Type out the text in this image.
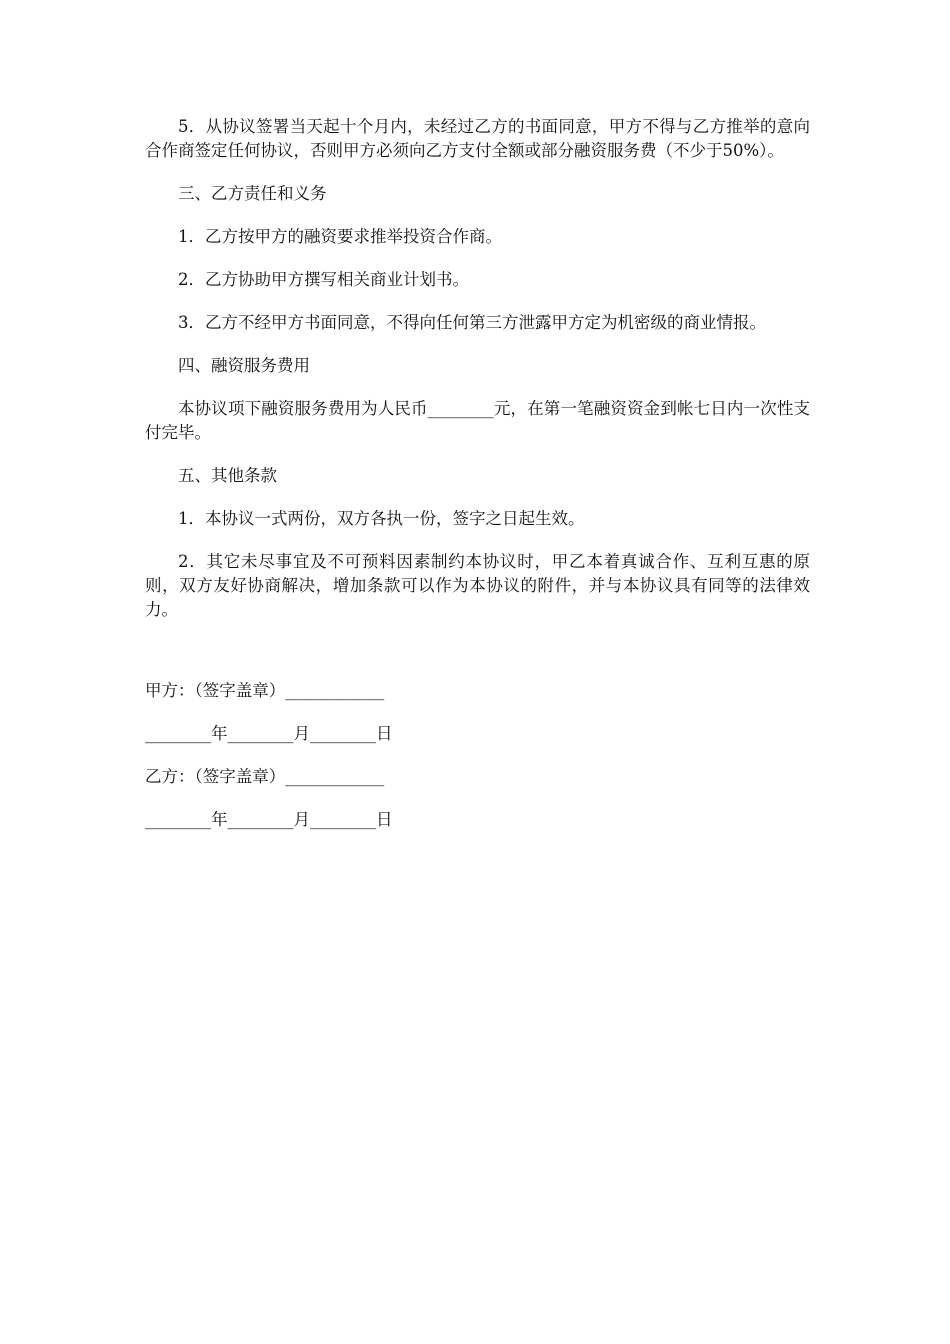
5．从协议签署当天起十个月内，未经过乙方的书面同意，甲方不得与乙方推举的意向合作商签定任何协议，否则甲方必须向乙方支付全额或部分融资服务费（不少于50%）。

三、乙方责任和义务

1．乙方按甲方的融资要求推举投资合作商。

2．乙方协助甲方撰写相关商业计划书。

3．乙方不经甲方书面同意，不得向任何第三方泄露甲方定为机密级的商业情报。

四、融资服务费用

本协议项下融资服务费用为人民币________元，在第一笔融资资金到帐七日内一次性支付完毕。

五、其他条款

1．本协议一式两份，双方各执一份，签字之日起生效。

2．其它未尽事宜及不可预料因素制约本协议时，甲乙本着真诚合作、互利互惠的原则，双方友好协商解决，增加条款可以作为本协议的附件，并与本协议具有同等的法律效力。

甲方：（签字盖章）____________
________年________月________日
乙方：（签字盖章）____________
________年________月________日
